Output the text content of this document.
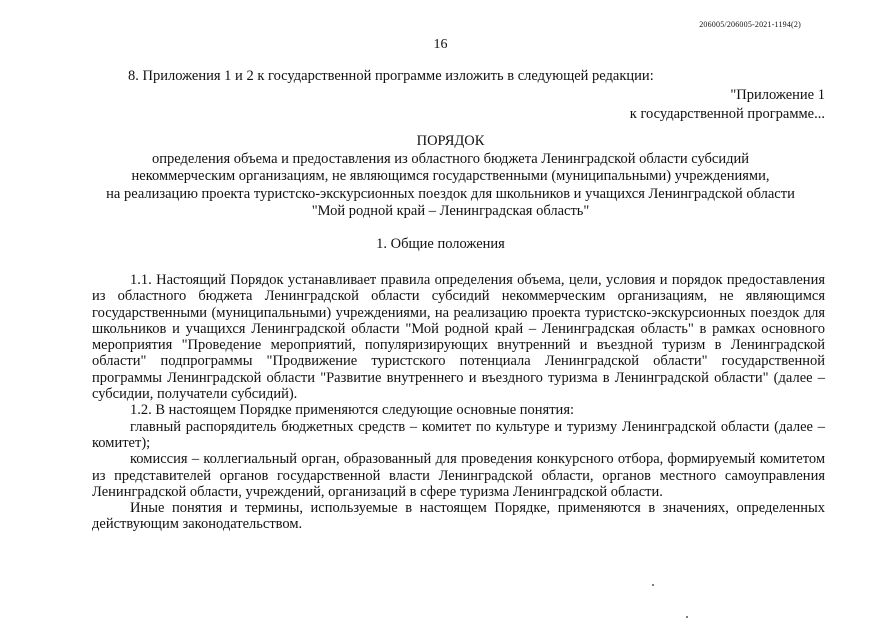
206005/206005-2021-1194(2)
16
8. Приложения 1 и 2 к государственной программе изложить в следующей редакции:
"Приложение 1
к государственной программе...
ПОРЯДОК
определения объема и предоставления из областного бюджета Ленинградской области субсидий
некоммерческим организациям, не являющимся государственными (муниципальными) учреждениями,
на реализацию проекта туристско-экскурсионных поездок для школьников и учащихся Ленинградской области
"Мой родной край – Ленинградская область"
1. Общие положения

1.1. Настоящий Порядок устанавливает правила определения объема, цели, условия и порядок предоставления из областного бюджета Ленинградской области субсидий некоммерческим организациям, не являющимся государственными (муниципальными) учреждениями, на реализацию проекта туристско-экскурсионных поездок для школьников и учащихся Ленинградской области "Мой родной край – Ленинградская область" в рамках основного мероприятия "Проведение мероприятий, популяризирующих внутренний и въездной туризм в Ленинградской области" подпрограммы "Продвижение туристского потенциала Ленинградской области" государственной программы Ленинградской области "Развитие внутреннего и въездного туризма в Ленинградской области" (далее – субсидии, получатели субсидий).

1.2. В настоящем Порядке применяются следующие основные понятия:

главный распорядитель бюджетных средств – комитет по культуре и туризму Ленинградской области (далее – комитет);

комиссия – коллегиальный орган, образованный для проведения конкурсного отбора, формируемый комитетом из представителей органов государственной власти Ленинградской области, органов местного самоуправления Ленинградской области, учреждений, организаций в сфере туризма Ленинградской области.

Иные понятия и термины, используемые в настоящем Порядке, применяются в значениях, определенных действующим законодательством.
